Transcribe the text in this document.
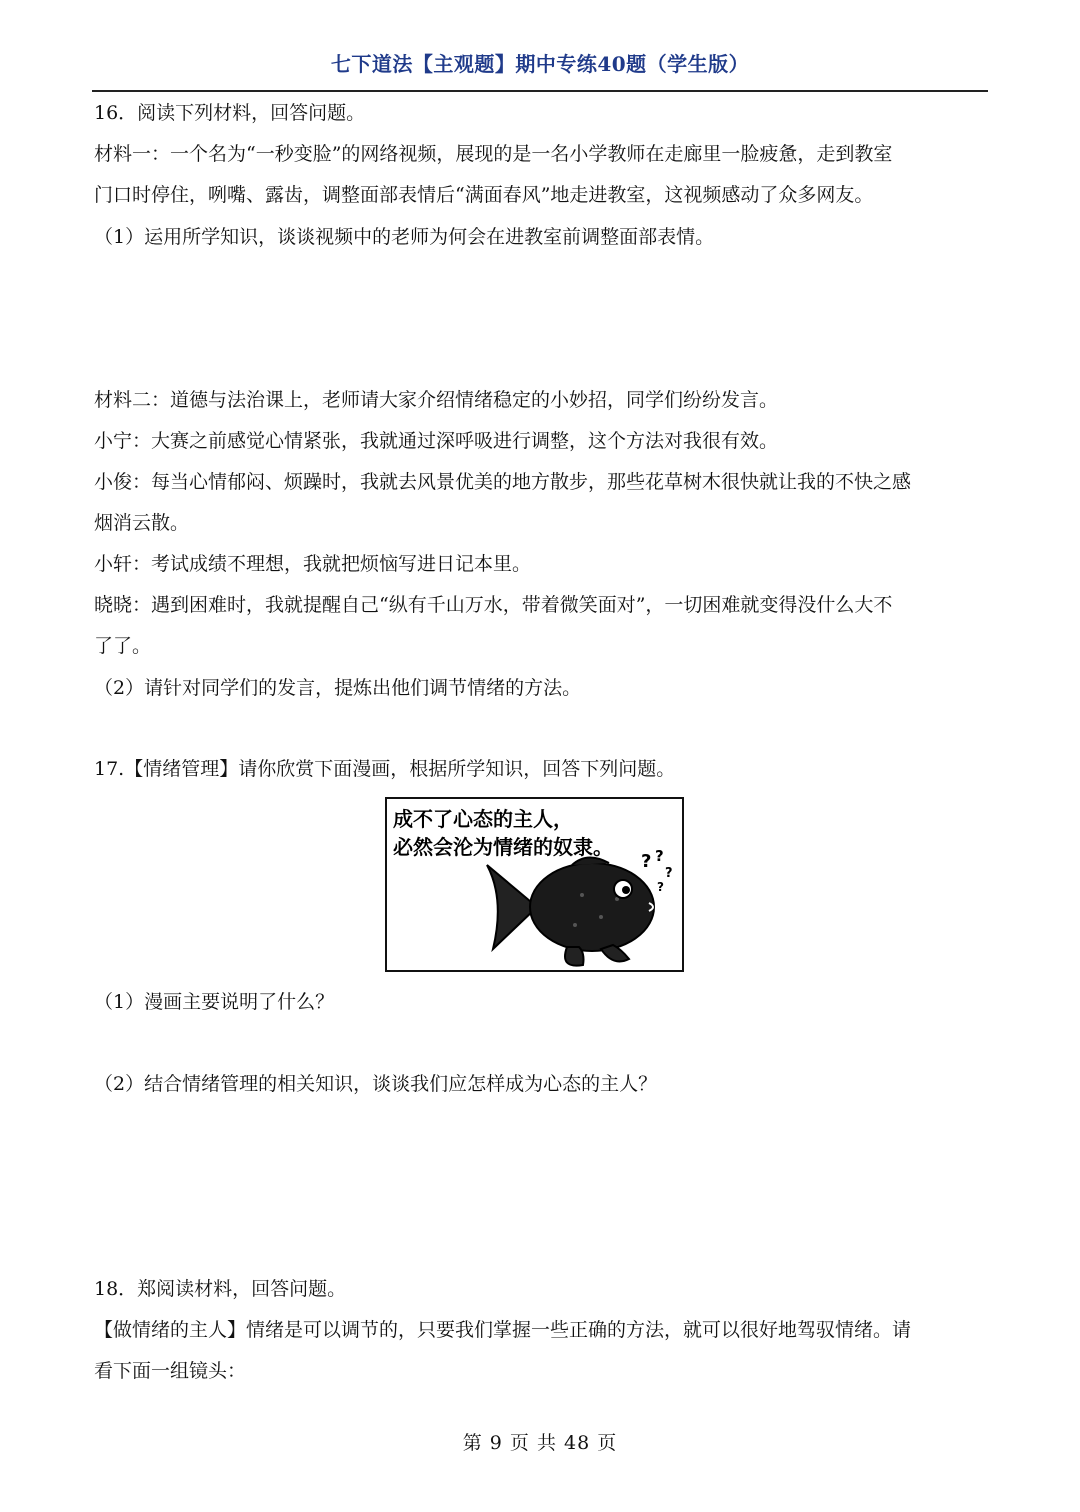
七下道法【主观题】期中专练40题（学生版）
16．阅读下列材料，回答问题。
材料一：一个名为“一秒变脸”的网络视频，展现的是一名小学教师在走廊里一脸疲惫，走到教室
门口时停住，咧嘴、露齿，调整面部表情后“满面春风”地走进教室，这视频感动了众多网友。
（1）运用所学知识，谈谈视频中的老师为何会在进教室前调整面部表情。
材料二：道德与法治课上，老师请大家介绍情绪稳定的小妙招，同学们纷纷发言。
小宁：大赛之前感觉心情紧张，我就通过深呼吸进行调整，这个方法对我很有效。
小俊：每当心情郁闷、烦躁时，我就去风景优美的地方散步，那些花草树木很快就让我的不快之感
烟消云散。
小轩：考试成绩不理想，我就把烦恼写进日记本里。
晓晓：遇到困难时，我就提醒自己“纵有千山万水，带着微笑面对”，一切困难就变得没什么大不
了了。
（2）请针对同学们的发言，提炼出他们调节情绪的方法。
17.【情绪管理】请你欣赏下面漫画，根据所学知识，回答下列问题。
? ?
?
?
成不了心态的主人，
必然会沦为情绪的奴隶。
（1）漫画主要说明了什么？
（2）结合情绪管理的相关知识，谈谈我们应怎样成为心态的主人？
18．郑阅读材料，回答问题。
【做情绪的主人】情绪是可以调节的，只要我们掌握一些正确的方法，就可以很好地驾驭情绪。请
看下面一组镜头：
第 9 页 共 48 页
